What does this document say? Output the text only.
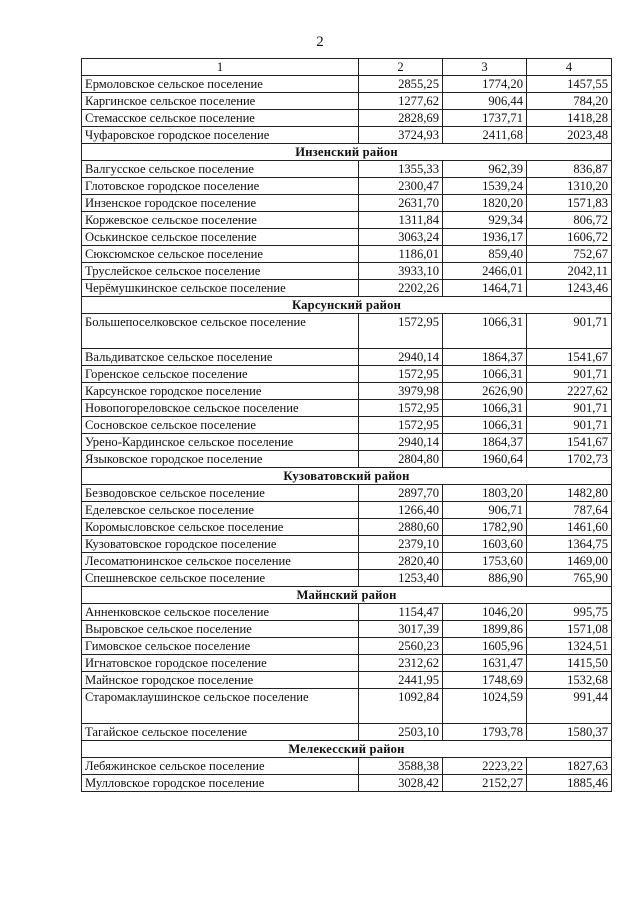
2
1	2	3	4
Ермоловское сельское поселение	2855,25	1774,20	1457,55
Каргинское сельское поселение	1277,62	906,44	784,20
Стемасское сельское поселение	2828,69	1737,71	1418,28
Чуфаровское городское поселение	3724,93	2411,68	2023,48
Инзенский район			
Валгусское сельское поселение	1355,33	962,39	836,87
Глотовское городское поселение	2300,47	1539,24	1310,20
Инзенское городское поселение	2631,70	1820,20	1571,83
Коржевское сельское поселение	1311,84	929,34	806,72
Оськинское сельское поселение	3063,24	1936,17	1606,72
Сюксюмское сельское поселение	1186,01	859,40	752,67
Труслейское сельское поселение	3933,10	2466,01	2042,11
Черёмушкинское сельское поселение	2202,26	1464,71	1243,46
Карсунский район			
Большепоселковское сельское поселение	1572,95	1066,31	901,71
Вальдиватское сельское поселение	2940,14	1864,37	1541,67
Горенское сельское поселение	1572,95	1066,31	901,71
Карсунское городское поселение	3979,98	2626,90	2227,62
Новопогореловское сельское поселение	1572,95	1066,31	901,71
Сосновское сельское поселение	1572,95	1066,31	901,71
Урено-Кардинское сельское поселение	2940,14	1864,37	1541,67
Языковское городское поселение	2804,80	1960,64	1702,73
Кузоватовский район			
Безводовское сельское поселение	2897,70	1803,20	1482,80
Еделевское сельское поселение	1266,40	906,71	787,64
Коромысловское сельское поселение	2880,60	1782,90	1461,60
Кузоватовское городское поселение	2379,10	1603,60	1364,75
Лесоматюнинское сельское поселение	2820,40	1753,60	1469,00
Спешневское сельское поселение	1253,40	886,90	765,90
Майнский район			
Анненковское сельское поселение	1154,47	1046,20	995,75
Выровское сельское поселение	3017,39	1899,86	1571,08
Гимовское сельское поселение	2560,23	1605,96	1324,51
Игнатовское городское поселение	2312,62	1631,47	1415,50
Майнское городское поселение	2441,95	1748,69	1532,68
Старомаклаушинское сельское поселение	1092,84	1024,59	991,44
Тагайское сельское поселение	2503,10	1793,78	1580,37
Мелекесский район			
Лебяжинское сельское поселение	3588,38	2223,22	1827,63
Мулловское городское поселение	3028,42	2152,27	1885,46
